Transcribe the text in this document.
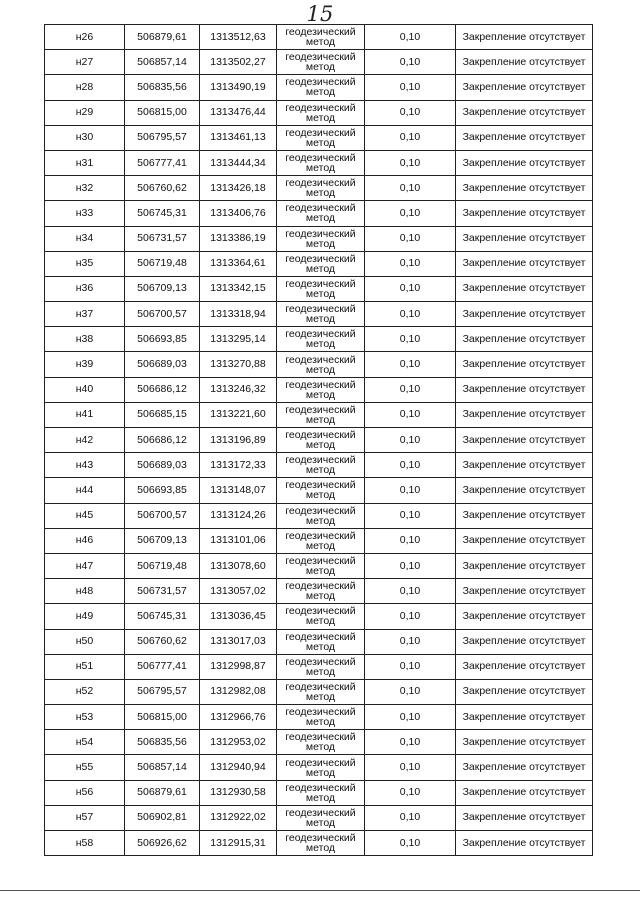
15
н26	506879,61	1313512,63	геодезический метод	0,10	Закрепление отсутствует
н27	506857,14	1313502,27	геодезический метод	0,10	Закрепление отсутствует
н28	506835,56	1313490,19	геодезический метод	0,10	Закрепление отсутствует
н29	506815,00	1313476,44	геодезический метод	0,10	Закрепление отсутствует
н30	506795,57	1313461,13	геодезический метод	0,10	Закрепление отсутствует
н31	506777,41	1313444,34	геодезический метод	0,10	Закрепление отсутствует
н32	506760,62	1313426,18	геодезический метод	0,10	Закрепление отсутствует
н33	506745,31	1313406,76	геодезический метод	0,10	Закрепление отсутствует
н34	506731,57	1313386,19	геодезический метод	0,10	Закрепление отсутствует
н35	506719,48	1313364,61	геодезический метод	0,10	Закрепление отсутствует
н36	506709,13	1313342,15	геодезический метод	0,10	Закрепление отсутствует
н37	506700,57	1313318,94	геодезический метод	0,10	Закрепление отсутствует
н38	506693,85	1313295,14	геодезический метод	0,10	Закрепление отсутствует
н39	506689,03	1313270,88	геодезический метод	0,10	Закрепление отсутствует
н40	506686,12	1313246,32	геодезический метод	0,10	Закрепление отсутствует
н41	506685,15	1313221,60	геодезический метод	0,10	Закрепление отсутствует
н42	506686,12	1313196,89	геодезический метод	0,10	Закрепление отсутствует
н43	506689,03	1313172,33	геодезический метод	0,10	Закрепление отсутствует
н44	506693,85	1313148,07	геодезический метод	0,10	Закрепление отсутствует
н45	506700,57	1313124,26	геодезический метод	0,10	Закрепление отсутствует
н46	506709,13	1313101,06	геодезический метод	0,10	Закрепление отсутствует
н47	506719,48	1313078,60	геодезический метод	0,10	Закрепление отсутствует
н48	506731,57	1313057,02	геодезический метод	0,10	Закрепление отсутствует
н49	506745,31	1313036,45	геодезический метод	0,10	Закрепление отсутствует
н50	506760,62	1313017,03	геодезический метод	0,10	Закрепление отсутствует
н51	506777,41	1312998,87	геодезический метод	0,10	Закрепление отсутствует
н52	506795,57	1312982,08	геодезический метод	0,10	Закрепление отсутствует
н53	506815,00	1312966,76	геодезический метод	0,10	Закрепление отсутствует
н54	506835,56	1312953,02	геодезический метод	0,10	Закрепление отсутствует
н55	506857,14	1312940,94	геодезический метод	0,10	Закрепление отсутствует
н56	506879,61	1312930,58	геодезический метод	0,10	Закрепление отсутствует
н57	506902,81	1312922,02	геодезический метод	0,10	Закрепление отсутствует
н58	506926,62	1312915,31	геодезический метод	0,10	Закрепление отсутствует
